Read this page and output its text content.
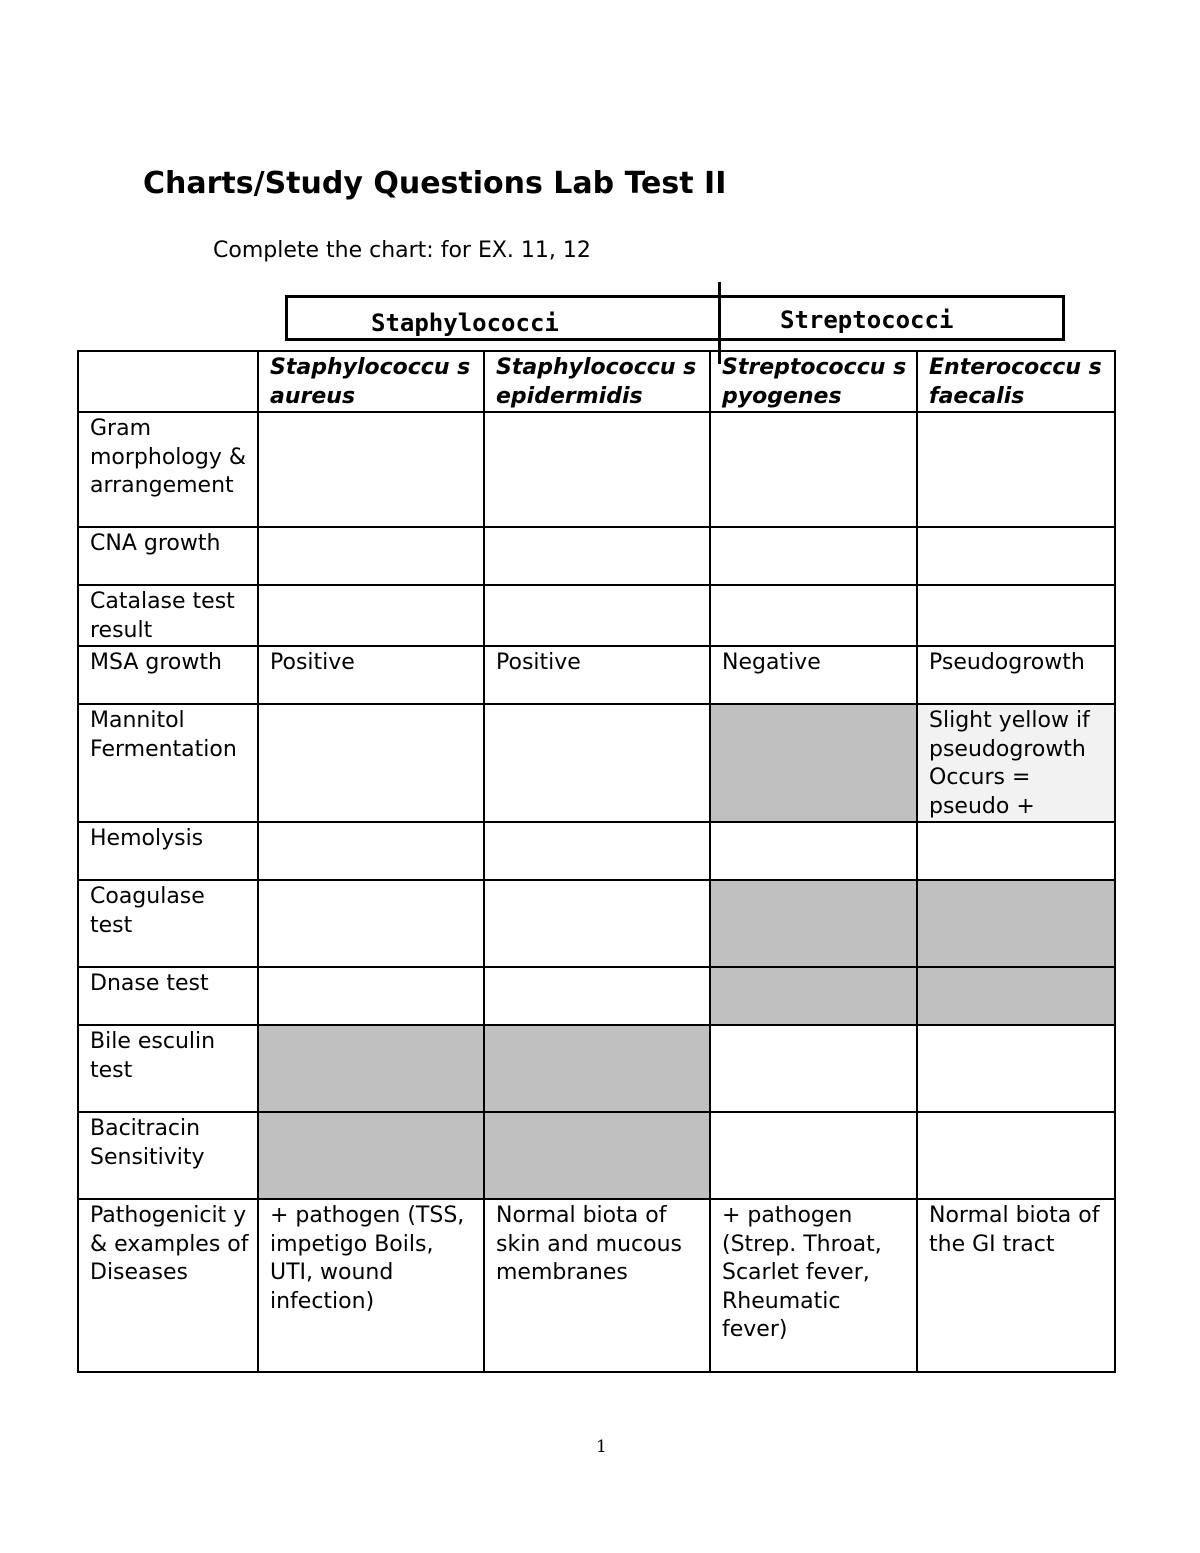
Charts/Study Questions Lab Test II
Complete the chart: for EX. 11, 12
Staphylococci	Streptococci
	Staphylococcu s aureus	Staphylococcu s epidermidis	Streptococcu s pyogenes	Enterococcu s faecalis
Gram morphology & arrangement				
CNA growth				
Catalase test result				
MSA growth	Positive	Positive	Negative	Pseudogrowth
Mannitol Fermentation				Slight yellow if pseudogrowth Occurs = pseudo +
Hemolysis				
Coagulase test				
Dnase test				
Bile esculin test				
Bacitracin Sensitivity				
Pathogenicit y & examples of Diseases	+ pathogen (TSS, impetigo Boils, UTI, wound infection)	Normal biota of skin and mucous membranes	+ pathogen (Strep. Throat, Scarlet fever, Rheumatic fever)	Normal biota of the GI tract
1
